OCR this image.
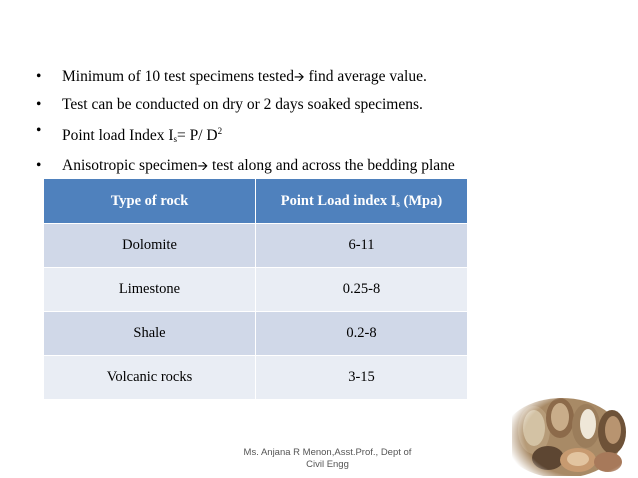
• Minimum of 10 test specimens tested🡪 find average value.
• Test can be conducted on dry or 2 days soaked specimens.
• Point load Index $I_s= P/$ $D^2$
• Anisotropic specimen🡪 test along and across the bedding plane
Type of rock	Point Load index $I_s$ (Mpa)
Dolomite	6-11
Limestone	0.25-8
Shale	0.2-8
Volcanic rocks	3-15
Ms. Anjana R Menon,Asst.Prof., Dept of
Civil Engg
